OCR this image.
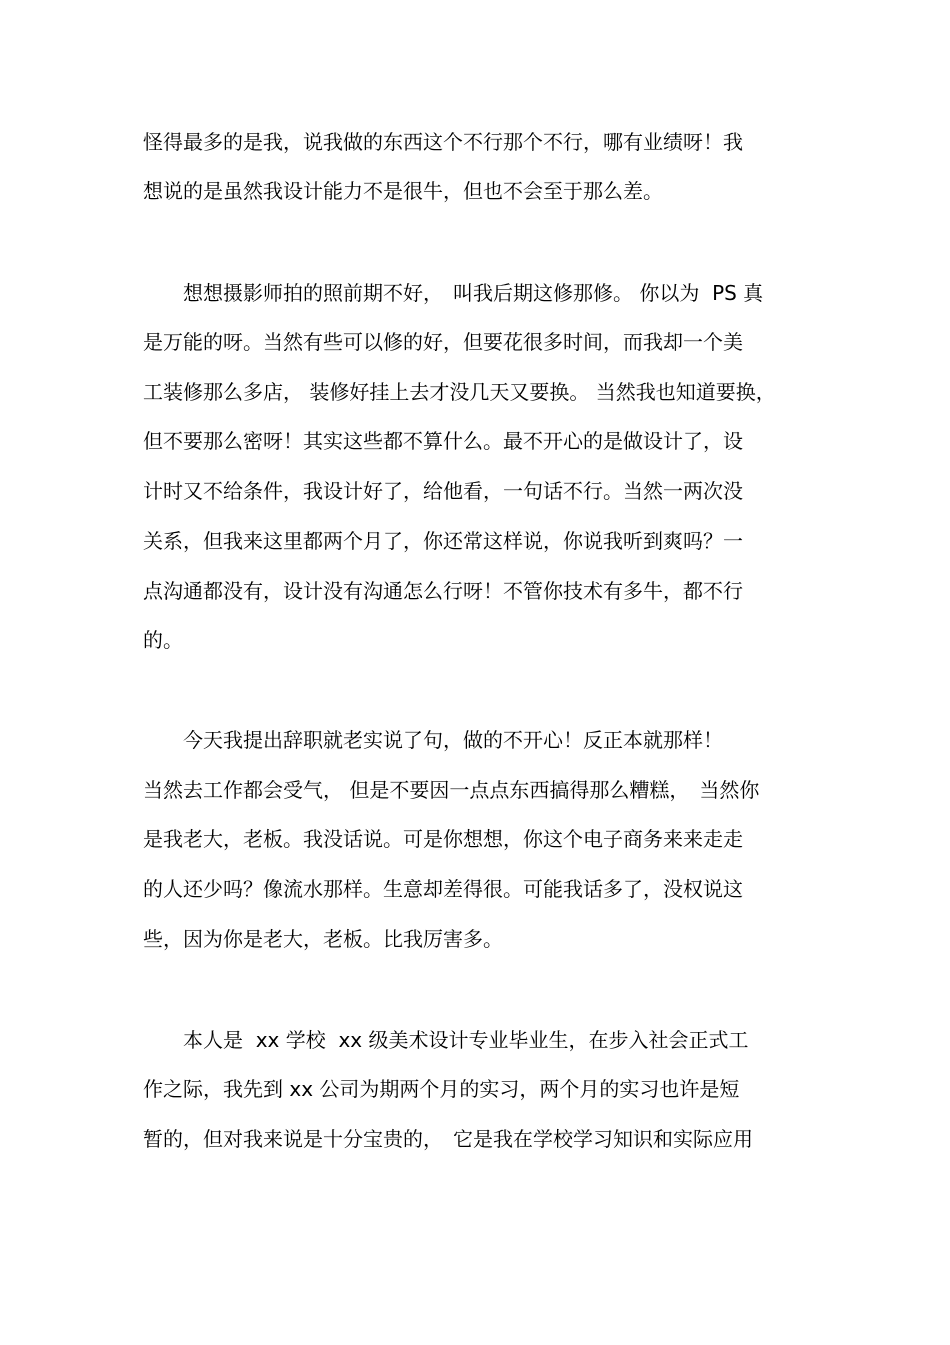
怪得最多的是我，说我做的东西这个不行那个不行，哪有业绩呀！我
想说的是虽然我设计能力不是很牛，但也不会至于那么差。
　　想想摄影师拍的照前期不好，　叫我后期这修那修。 你以为  PS 真
是万能的呀。当然有些可以修的好，但要花很多时间，而我却一个美
工装修那么多店， 装修好挂上去才没几天又要换。 当然我也知道要换，
但不要那么密呀！其实这些都不算什么。最不开心的是做设计了，设
计时又不给条件，我设计好了，给他看，一句话不行。当然一两次没
关系，但我来这里都两个月了，你还常这样说，你说我听到爽吗？一
点沟通都没有，设计没有沟通怎么行呀！不管你技术有多牛，都不行
的。
　　今天我提出辞职就老实说了句，做的不开心！反正本就那样！
当然去工作都会受气， 但是不要因一点点东西搞得那么糟糕，　当然你
是我老大，老板。我没话说。可是你想想，你这个电子商务来来走走
的人还少吗？像流水那样。生意却差得很。可能我话多了，没权说这
些，因为你是老大，老板。比我厉害多。
　　本人是  xx 学校  xx 级美术设计专业毕业生，在步入社会正式工
作之际，我先到 xx 公司为期两个月的实习，两个月的实习也许是短
暂的，但对我来说是十分宝贵的，　它是我在学校学习知识和实际应用
